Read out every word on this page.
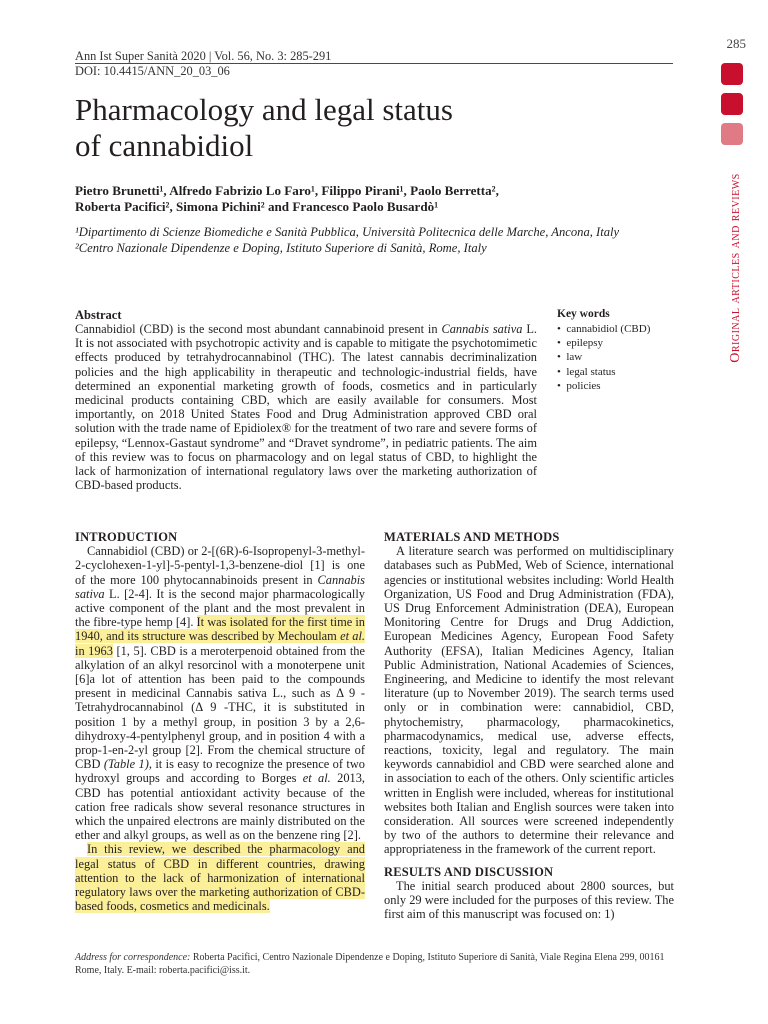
285
Ann Ist Super Sanità 2020 | Vol. 56, No. 3: 285-291
DOI: 10.4415/ANN_20_03_06
Original articles and reviews
Pharmacology and legal status
of cannabidiol
Pietro Brunetti¹, Alfredo Fabrizio Lo Faro¹, Filippo Pirani¹, Paolo Berretta²,
Roberta Pacifici², Simona Pichini² and Francesco Paolo Busardò¹
¹Dipartimento di Scienze Biomediche e Sanità Pubblica, Università Politecnica delle Marche, Ancona, Italy
²Centro Nazionale Dipendenze e Doping, Istituto Superiore di Sanità, Rome, Italy
Abstract
Cannabidiol (CBD) is the second most abundant cannabinoid present in Cannabis sativa L. It is not associated with psychotropic activity and is capable to mitigate the psychotomimetic effects produced by tetrahydrocannabinol (THC). The latest cannabis decriminalization policies and the high applicability in therapeutic and technologic-industrial fields, have determined an exponential marketing growth of foods, cosmetics and in particularly medicinal products containing CBD, which are easily available for consumers. Most importantly, on 2018 United States Food and Drug Administration approved CBD oral solution with the trade name of Epidiolex® for the treatment of two rare and severe forms of epilepsy, “Lennox-Gastaut syndrome” and “Dravet syndrome”, in pediatric patients. The aim of this review was to focus on pharmacology and on legal status of CBD, to highlight the lack of harmonization of international regulatory laws over the marketing authorization of CBD-based products.
Key words
•  cannabidiol (CBD)
•  epilepsy
•  law
•  legal status
•  policies
INTRODUCTION

Cannabidiol (CBD) or 2-[(6R)-6-Isopropenyl-3-methyl-2-cyclohexen-1-yl]-5-pentyl-1,3-benzene-diol [1] is one of the more 100 phytocannabinoids present in Cannabis sativa L. [2-4]. It is the second major pharmacologically active component of the plant and the most prevalent in the fibre-type hemp [4]. It was isolated for the first time in 1940, and its structure was described by Mechoulam et al. in 1963 [1, 5]. CBD is a meroterpenoid obtained from the alkylation of an alkyl resorcinol with a monoterpene unit [6]a lot of attention has been paid to the compounds present in medicinal Cannabis sativa L., such as Δ 9 -Tetrahydrocannabinol (Δ 9 -THC, it is substituted in position 1 by a methyl group, in position 3 by a 2,6-dihydroxy-4-pentylphenyl group, and in position 4 with a prop-1-en-2-yl group [2]. From the chemical structure of CBD (Table 1), it is easy to recognize the presence of two hydroxyl groups and according to Borges et al. 2013, CBD has potential antioxidant activity because of the cation free radicals show several resonance structures in which the unpaired electrons are mainly distributed on the ether and alkyl groups, as well as on the benzene ring [2].

In this review, we described the pharmacology and legal status of CBD in different countries, drawing attention to the lack of harmonization of international regulatory laws over the marketing authorization of CBD-based foods, cosmetics and medicinals.

MATERIALS AND METHODS

A literature search was performed on multidisciplinary databases such as PubMed, Web of Science, international agencies or institutional websites including: World Health Organization, US Food and Drug Administration (FDA), US Drug Enforcement Administration (DEA), European Monitoring Centre for Drugs and Drug Addiction, European Medicines Agency, European Food Safety Authority (EFSA), Italian Medicines Agency, Italian Public Administration, National Academies of Sciences, Engineering, and Medicine to identify the most relevant literature (up to November 2019). The search terms used only or in combination were: cannabidiol, CBD, phytochemistry, pharmacology, pharmacokinetics, pharmacodynamics, medical use, adverse effects, reactions, toxicity, legal and regulatory. The main keywords cannabidiol and CBD were searched alone and in association to each of the others. Only scientific articles written in English were included, whereas for institutional websites both Italian and English sources were taken into consideration. All sources were screened independently by two of the authors to determine their relevance and appropriateness in the framework of the current report.

RESULTS AND DISCUSSION

The initial search produced about 2800 sources, but only 29 were included for the purposes of this review. The first aim of this manuscript was focused on: 1)

Address for correspondence: Roberta Pacifici, Centro Nazionale Dipendenze e Doping, Istituto Superiore di Sanità, Viale Regina Elena 299, 00161 Rome, Italy. E-mail: roberta.pacifici@iss.it.
